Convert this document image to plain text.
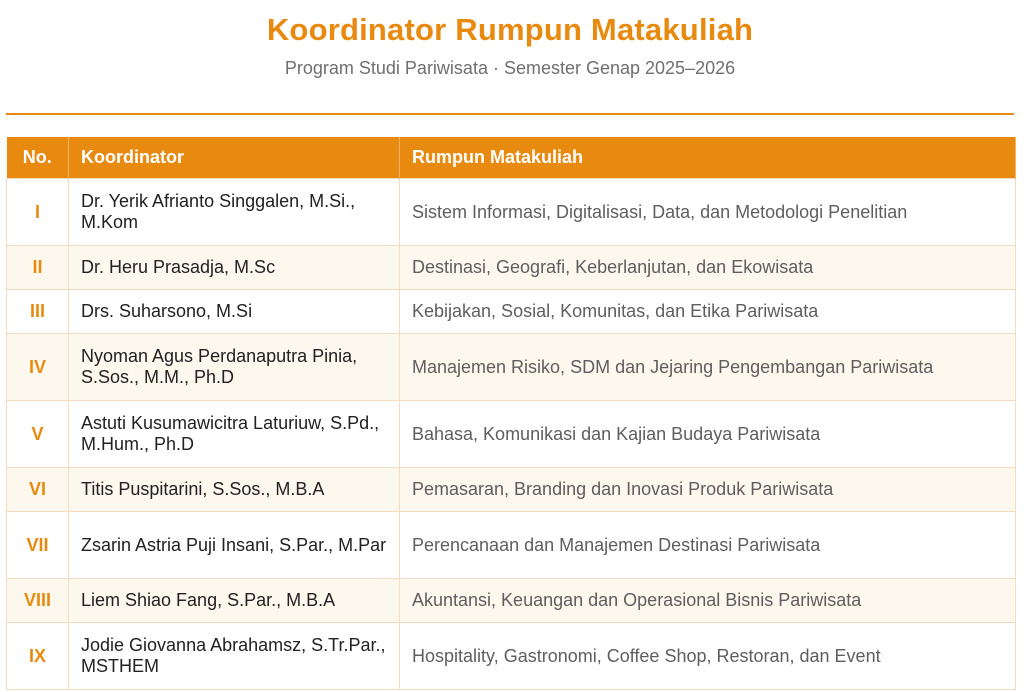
Koordinator Rumpun Matakuliah
Program Studi Pariwisata · Semester Genap 2025–2026
No.	Koordinator	Rumpun Matakuliah
I	Dr. Yerik Afrianto Singgalen, M.Si., M.Kom	Sistem Informasi, Digitalisasi, Data, dan Metodologi Penelitian
II	Dr. Heru Prasadja, M.Sc	Destinasi, Geografi, Keberlanjutan, dan Ekowisata
III	Drs. Suharsono, M.Si	Kebijakan, Sosial, Komunitas, dan Etika Pariwisata
IV	Nyoman Agus Perdanaputra Pinia, S.Sos., M.M., Ph.D	Manajemen Risiko, SDM dan Jejaring Pengembangan Pariwisata
V	Astuti Kusumawicitra Laturiuw, S.Pd., M.Hum., Ph.D	Bahasa, Komunikasi dan Kajian Budaya Pariwisata
VI	Titis Puspitarini, S.Sos., M.B.A	Pemasaran, Branding dan Inovasi Produk Pariwisata
VII	Zsarin Astria Puji Insani, S.Par., M.Par	Perencanaan dan Manajemen Destinasi Pariwisata
VIII	Liem Shiao Fang, S.Par., M.B.A	Akuntansi, Keuangan dan Operasional Bisnis Pariwisata
IX	Jodie Giovanna Abrahamsz, S.Tr.Par., MSTHEM	Hospitality, Gastronomi, Coffee Shop, Restoran, dan Event
